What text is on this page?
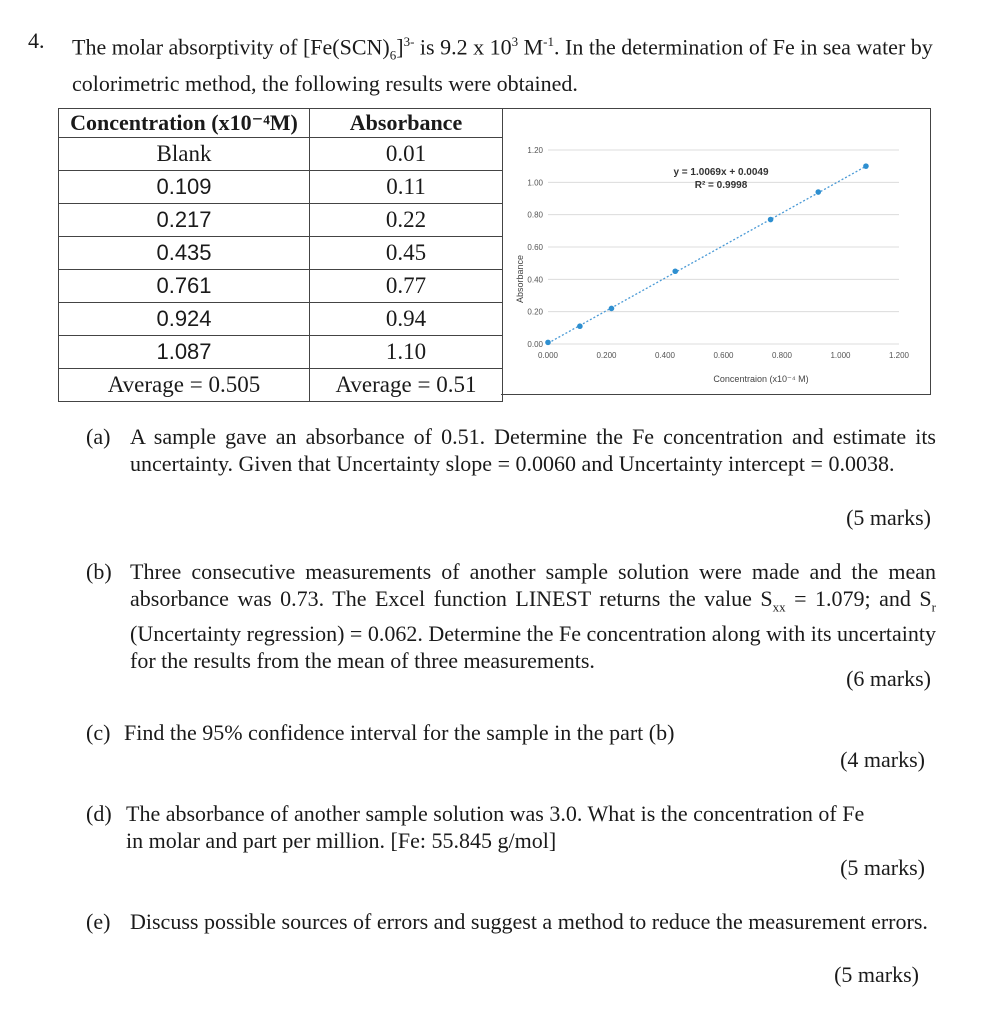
4. The molar absorptivity of $[Fe(SCN)_6]^{3-}$ is 9.2 x $10^3$ $M^{-1}$. In the determination of Fe in sea water by colorimetric method, the following results were obtained.
Concentration (x10⁻⁴M)	Absorbance
Blank	0.01
0.109	0.11
0.217	0.22
0.435	0.45
0.761	0.77
0.924	0.94
1.087	1.10
Average = 0.505	Average = 0.51
0.00
0.20
0.40
0.60
0.80
1.00
1.20
0.000	0.200	0.400	0.600	0.800	1.000	1.200
y = 1.0069x + 0.0049
R² = 0.9998
Concentraion (x10⁻⁴ M)
Absorbance
(a) A sample gave an absorbance of 0.51. Determine the Fe concentration and estimate its uncertainty. Given that Uncertainty slope = 0.0060 and Uncertainty intercept = 0.0038.
(5 marks)
(b) Three consecutive measurements of another sample solution were made and the mean absorbance was 0.73. The Excel function LINEST returns the value $S_{xx} = 1.079$; and $S_r$ (Uncertainty regression) = 0.062. Determine the Fe concentration along with its uncertainty for the results from the mean of three measurements.
(6 marks)
(c) Find the 95% confidence interval for the sample in the part (b)
(4 marks)
(d) The absorbance of another sample solution was 3.0. What is the concentration of Fe in molar and part per million. [Fe: 55.845 g/mol]
(5 marks)
(e) Discuss possible sources of errors and suggest a method to reduce the measurement errors.
(5 marks)
